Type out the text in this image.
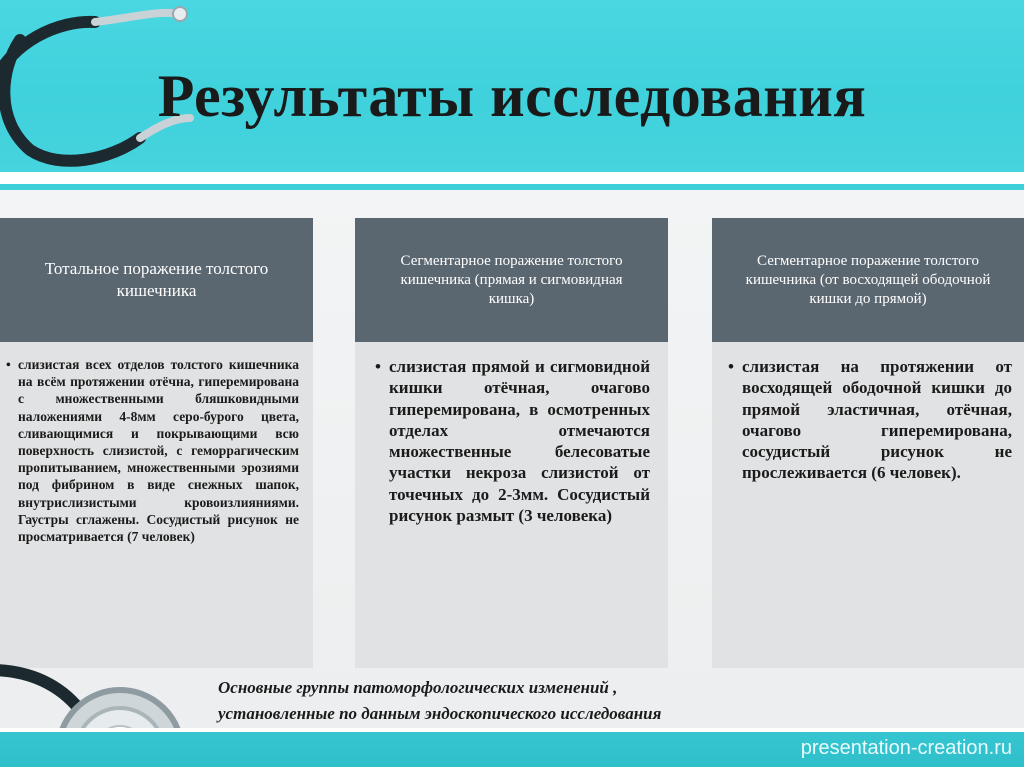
Результаты исследования
Тотальное поражение толстого кишечника
• слизистая всех отделов толстого кишечника на всём протяжении отёчна, гиперемирована с множественными бляшковидными наложениями 4-8мм серо-бурого цвета, сливающимися и покрывающими всю поверхность слизистой, с геморрагическим пропитыванием, множественными эрозиями под фибрином в виде снежных шапок, внутрислизистыми кровоизлияниями. Гаустры сглажены. Сосудистый рисунок не просматривается (7 человек)
Сегментарное поражение толстого кишечника (прямая и сигмовидная кишка)
• слизистая прямой и сигмовидной кишки отёчная, очагово гиперемирована, в осмотренных отделах отмечаются множественные белесоватые участки некроза слизистой от точечных до 2-3мм. Сосудистый рисунок размыт (3 человека)
Сегментарное поражение толстого кишечника (от восходящей ободочной кишки до прямой)
• слизистая на протяжении от восходящей ободочной кишки до прямой эластичная, отёчная, очагово гиперемирована, сосудистый рисунок не прослеживается (6 человек).
Основные группы патоморфологических изменений ,
установленные по данным эндоскопического исследования
presentation-creation.ru
